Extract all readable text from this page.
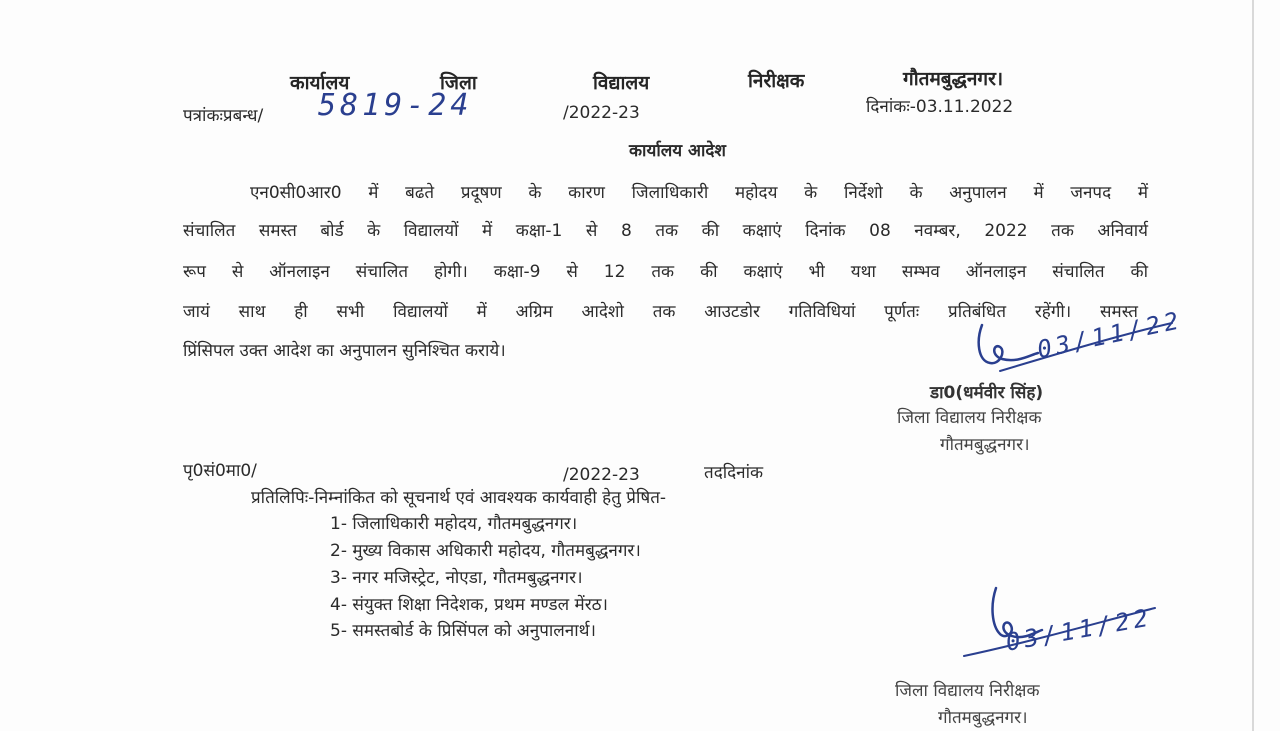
कार्यालय	जिला	विद्यालय	निरीक्षक	गौतमबुद्धनगर।
पत्रांकःप्रबन्ध/ 5819-24	/2022-23	दिनांकः-03.11.2022
कार्यालय आदेश
एन0सी0आर0 में बढते प्रदूषण के कारण जिलाधिकारी महोदय के निर्देशो के अनुपालन में जनपद में
संचालित समस्त बोर्ड के विद्यालयों में कक्षा-1 से 8 तक की कक्षाएं दिनांक 08 नवम्बर, 2022 तक अनिवार्य
रूप से ऑनलाइन संचालित होगी। कक्षा-9 से 12 तक की कक्षाएं भी यथा सम्भव ऑनलाइन संचालित की
जायं साथ ही सभी विद्यालयों में अग्रिम आदेशो तक आउटडोर गतिविधियां पूर्णतः प्रतिबंधित रहेंगी। समस्त
प्रिंसिपल उक्त आदेश का अनुपालन सुनिश्चित कराये।	03/11/22
डा0(धर्मवीर सिंह)
जिला विद्यालय निरीक्षक
गौतमबुद्धनगर।
पृ0सं0मा0/	/2022-23	तददिनांक
प्रतिलिपिः-निम्नांकित को सूचनार्थ एवं आवश्यक कार्यवाही हेतु प्रेषित-
1- जिलाधिकारी महोदय, गौतमबुद्धनगर।
2- मुख्य विकास अधिकारी महोदय, गौतमबुद्धनगर।
3- नगर मजिस्ट्रेट, नोएडा, गौतमबुद्धनगर।
4- संयुक्त शिक्षा निदेशक, प्रथम मण्डल मेंरठ।
5- समस्तबोर्ड के प्रिसिंपल को अनुपालनार्थ।	03/11/22
जिला विद्यालय निरीक्षक
गौतमबुद्धनगर।
